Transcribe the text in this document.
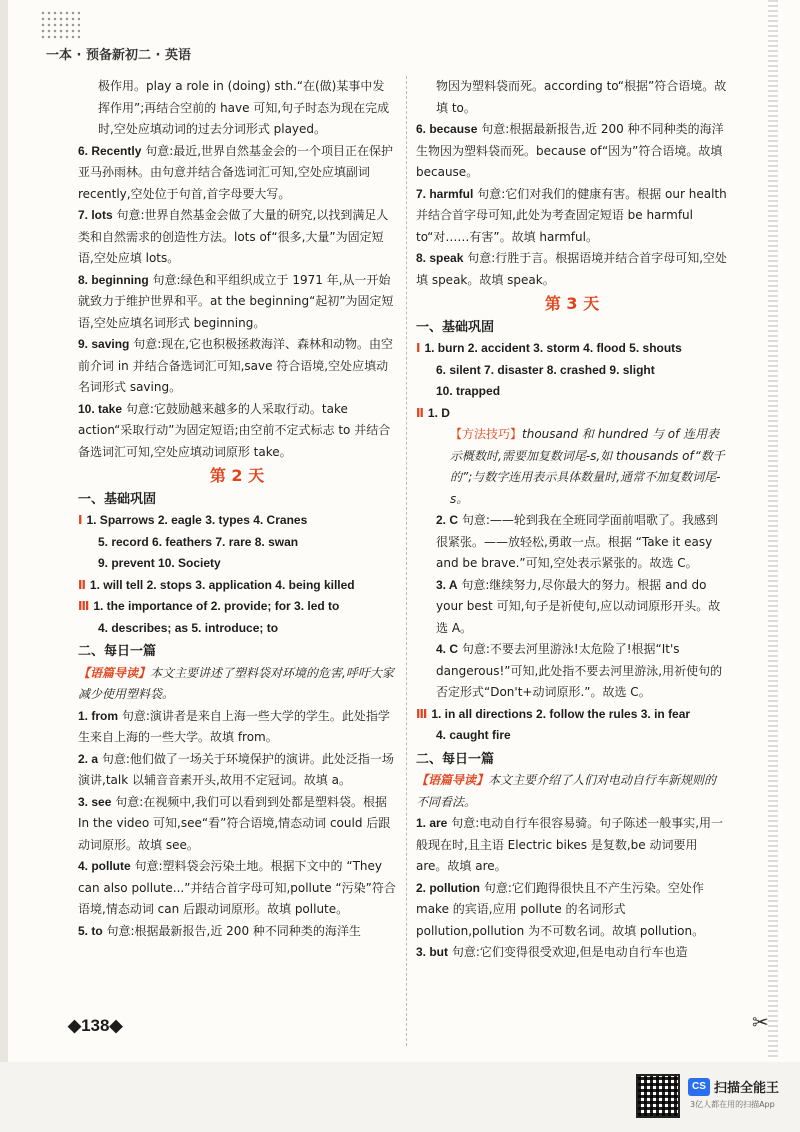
一本 · 预备新初二 · 英语

极作用。play a role in (doing) sth.“在(做)某事中发挥作用”;再结合空前的 have 可知,句子时态为现在完成时,空处应填动词的过去分词形式 played。

6. Recently 句意:最近,世界自然基金会的一个项目正在保护亚马孙雨林。由句意并结合备选词汇可知,空处应填副词 recently,空处位于句首,首字母要大写。

7. lots 句意:世界自然基金会做了大量的研究,以找到满足人类和自然需求的创造性方法。lots of“很多,大量”为固定短语,空处应填 lots。

8. beginning 句意:绿色和平组织成立于 1971 年,从一开始就致力于维护世界和平。at the beginning“起初”为固定短语,空处应填名词形式 beginning。

9. saving 句意:现在,它也积极拯救海洋、森林和动物。由空前介词 in 并结合备选词汇可知,save 符合语境,空处应填动名词形式 saving。

10. take 句意:它鼓励越来越多的人采取行动。take action“采取行动”为固定短语;由空前不定式标志 to 并结合备选词汇可知,空处应填动词原形 take。

第 2 天
一、基础巩固

Ⅰ 1. Sparrows 2. eagle 3. types 4. Cranes

5. record 6. feathers 7. rare 8. swan

9. prevent 10. Society

Ⅱ 1. will tell 2. stops 3. application 4. being killed

Ⅲ 1. the importance of 2. provide; for 3. led to

4. describes; as 5. introduce; to

二、每日一篇

【语篇导读】本文主要讲述了塑料袋对环境的危害,呼吁大家减少使用塑料袋。

1. from 句意:演讲者是来自上海一些大学的学生。此处指学生来自上海的一些大学。故填 from。

2. a 句意:他们做了一场关于环境保护的演讲。此处泛指一场演讲,talk 以辅音音素开头,故用不定冠词。故填 a。

3. see 句意:在视频中,我们可以看到到处都是塑料袋。根据 In the video 可知,see“看”符合语境,情态动词 could 后跟动词原形。故填 see。

4. pollute 句意:塑料袋会污染土地。根据下文中的 “They can also pollute...”并结合首字母可知,pollute “污染”符合语境,情态动词 can 后跟动词原形。故填 pollute。

5. to 句意:根据最新报告,近 200 种不同种类的海洋生

物因为塑料袋而死。according to“根据”符合语境。故填 to。

6. because 句意:根据最新报告,近 200 种不同种类的海洋生物因为塑料袋而死。because of“因为”符合语境。故填 because。

7. harmful 句意:它们对我们的健康有害。根据 our health 并结合首字母可知,此处为考查固定短语 be harmful to“对……有害”。故填 harmful。

8. speak 句意:行胜于言。根据语境并结合首字母可知,空处填 speak。故填 speak。

第 3 天
一、基础巩固

Ⅰ 1. burn 2. accident 3. storm 4. flood 5. shouts

6. silent 7. disaster 8. crashed 9. slight

10. trapped

Ⅱ 1. D

【方法技巧】thousand 和 hundred 与 of 连用表示概数时,需要加复数词尾-s,如 thousands of“数千的”;与数字连用表示具体数量时,通常不加复数词尾-s。

2. C 句意:——轮到我在全班同学面前唱歌了。我感到很紧张。——放轻松,勇敢一点。根据 “Take it easy and be brave.”可知,空处表示紧张的。故选 C。

3. A 句意:继续努力,尽你最大的努力。根据 and do your best 可知,句子是祈使句,应以动词原形开头。故选 A。

4. C 句意:不要去河里游泳!太危险了!根据“It's dangerous!”可知,此处指不要去河里游泳,用祈使句的否定形式“Don't+动词原形.”。故选 C。

Ⅲ 1. in all directions 2. follow the rules 3. in fear

4. caught fire

二、每日一篇

【语篇导读】本文主要介绍了人们对电动自行车新规则的不同看法。

1. are 句意:电动自行车很容易骑。句子陈述一般事实,用一般现在时,且主语 Electric bikes 是复数,be 动词要用 are。故填 are。

2. pollution 句意:它们跑得很快且不产生污染。空处作 make 的宾语,应用 pollute 的名词形式 pollution,pollution 为不可数名词。故填 pollution。

3. but 句意:它们变得很受欢迎,但是电动自行车也造

◆138◆	✂
CS 扫描全能王
3亿人都在用的扫描App
